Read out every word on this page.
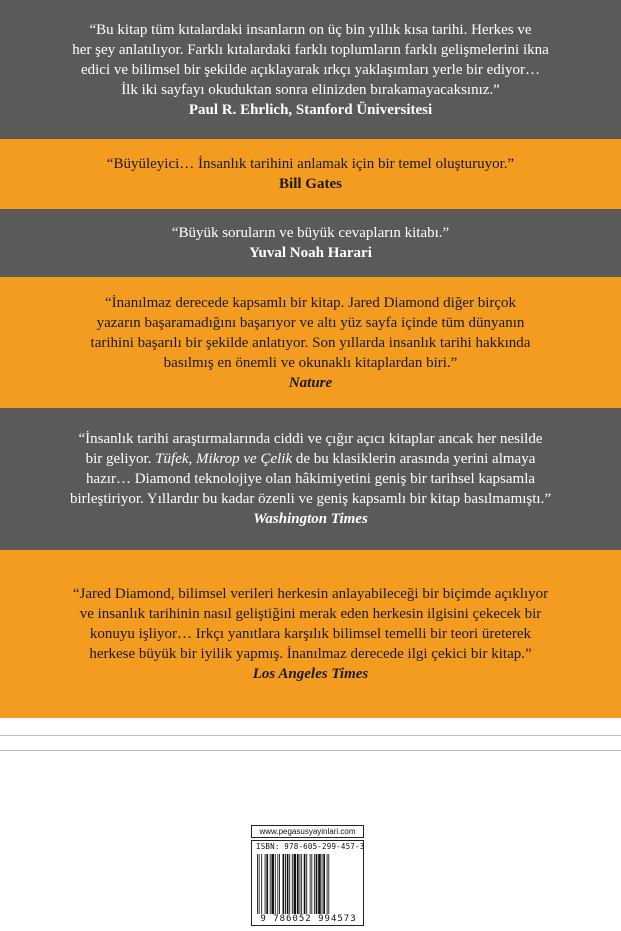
“Bu kitap tüm kıtalardaki insanların on üç bin yıllık kısa tarihi. Herkes ve
her şey anlatılıyor. Farklı kıtalardaki farklı toplumların farklı gelişmelerini ikna
edici ve bilimsel bir şekilde açıklayarak ırkçı yaklaşımları yerle bir ediyor…
İlk iki sayfayı okuduktan sonra elinizden bırakamayacaksınız.”
Paul R. Ehrlich, Stanford Üniversitesi
“Büyüleyici… İnsanlık tarihini anlamak için bir temel oluşturuyor.”
Bill Gates
“Büyük soruların ve büyük cevapların kitabı.”
Yuval Noah Harari
“İnanılmaz derecede kapsamlı bir kitap. Jared Diamond diğer birçok
yazarın başaramadığını başarıyor ve altı yüz sayfa içinde tüm dünyanın
tarihini başarılı bir şekilde anlatıyor. Son yıllarda insanlık tarihi hakkında
basılmış en önemli ve okunaklı kitaplardan biri.”
Nature
“İnsanlık tarihi araştırmalarında ciddi ve çığır açıcı kitaplar ancak her nesilde
bir geliyor. Tüfek, Mikrop ve Çelik de bu klasiklerin arasında yerini almaya
hazır… Diamond teknolojiye olan hâkimiyetini geniş bir tarihsel kapsamla
birleştiriyor. Yıllardır bu kadar özenli ve geniş kapsamlı bir kitap basılmamıştı.”
Washington Times
“Jared Diamond, bilimsel verileri herkesin anlayabileceği bir biçimde açıklıyor
ve insanlık tarihinin nasıl geliştiğini merak eden herkesin ilgisini çekecek bir
konuyu işliyor… Irkçı yanıtlara karşılık bilimsel temelli bir teori üreterek
herkese büyük bir iyilik yapmış. İnanılmaz derecede ilgi çekici bir kitap.”
Los Angeles Times
www.pegasusyayinlari.com
ISBN: 978-605-299-457-3
9 786052 994573
